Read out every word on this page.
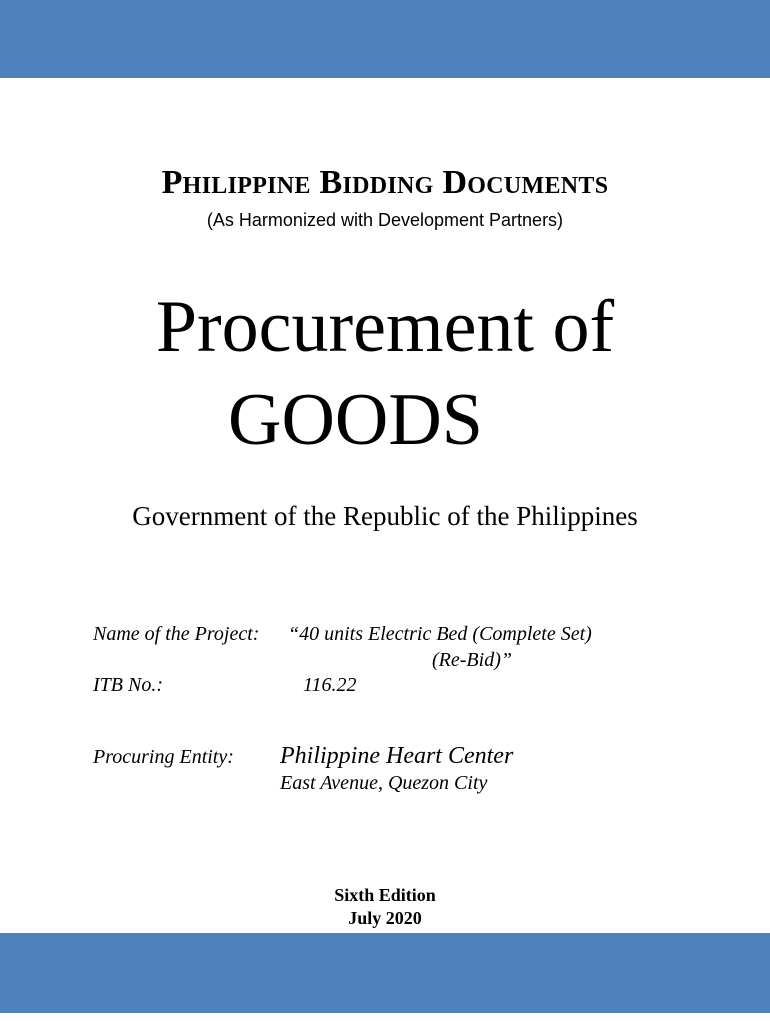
Philippine Bidding Documents
(As Harmonized with Development Partners)
Procurement of
GOODS
Government of the Republic of the Philippines
Name of the Project: “40 units Electric Bed (Complete Set)
(Re-Bid)”
ITB No.:	116.22
Procuring Entity: Philippine Heart Center
East Avenue, Quezon City
Sixth Edition
July 2020
